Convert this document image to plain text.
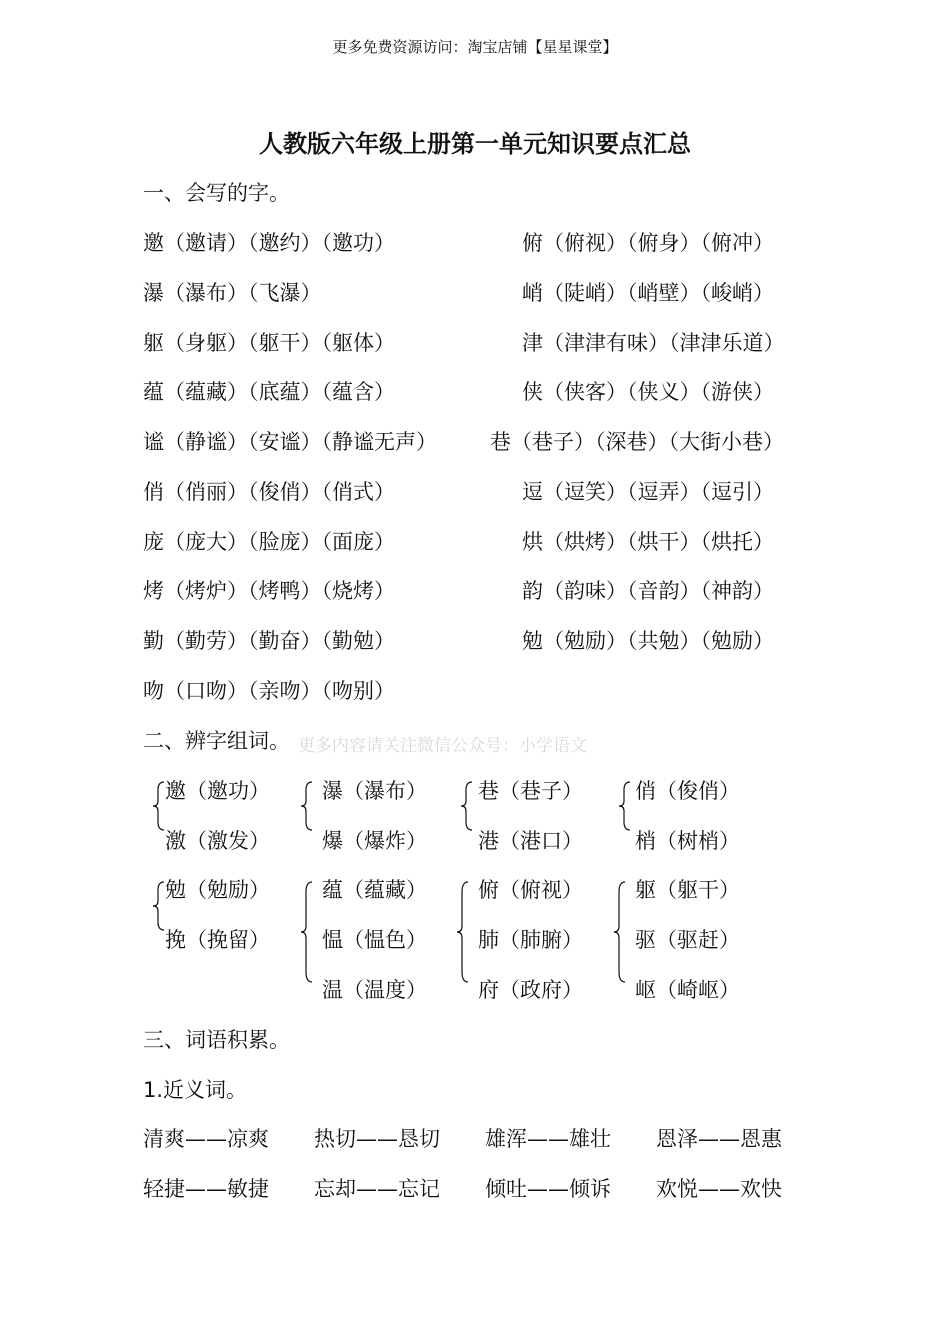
更多免费资源访问：淘宝店铺【星星课堂】
人教版六年级上册第一单元知识要点汇总
一、会写的字。
邀（邀请）（邀约）（邀功）
瀑（瀑布）（飞瀑）
躯（身躯）（躯干）（躯体）
蕴（蕴藏）（底蕴）（蕴含）
谧（静谧）（安谧）（静谧无声）
俏（俏丽）（俊俏）（俏式）
庞（庞大）（脸庞）（面庞）
烤（烤炉）（烤鸭）（烧烤）
勤（勤劳）（勤奋）（勤勉）
吻（口吻）（亲吻）（吻别）
俯（俯视）（俯身）（俯冲）
峭（陡峭）（峭壁）（峻峭）
津（津津有味）（津津乐道）
侠（侠客）（侠义）（游侠）
巷（巷子）（深巷）（大街小巷）
逗（逗笑）（逗弄）（逗引）
烘（烘烤）（烘干）（烘托）
韵（韵味）（音韵）（神韵）
勉（勉励）（共勉）（勉励）
二、辨字组词。 更多内容请关注微信公众号：小学语文
邀（邀功）
激（激发）
瀑（瀑布）
爆（爆炸）
巷（巷子）
港（港口）
俏（俊俏）
梢（树梢）
勉（勉励）
挽（挽留）
蕴（蕴藏）
愠（愠色）
温（温度）
俯（俯视）
肺（肺腑）
府（政府）
躯（躯干）
驱（驱赶）
岖（崎岖）
三、词语积累。
1.近义词。
清爽——凉爽 热切——恳切 雄浑——雄壮 恩泽——恩惠
轻捷——敏捷 忘却——忘记 倾吐——倾诉 欢悦——欢快
